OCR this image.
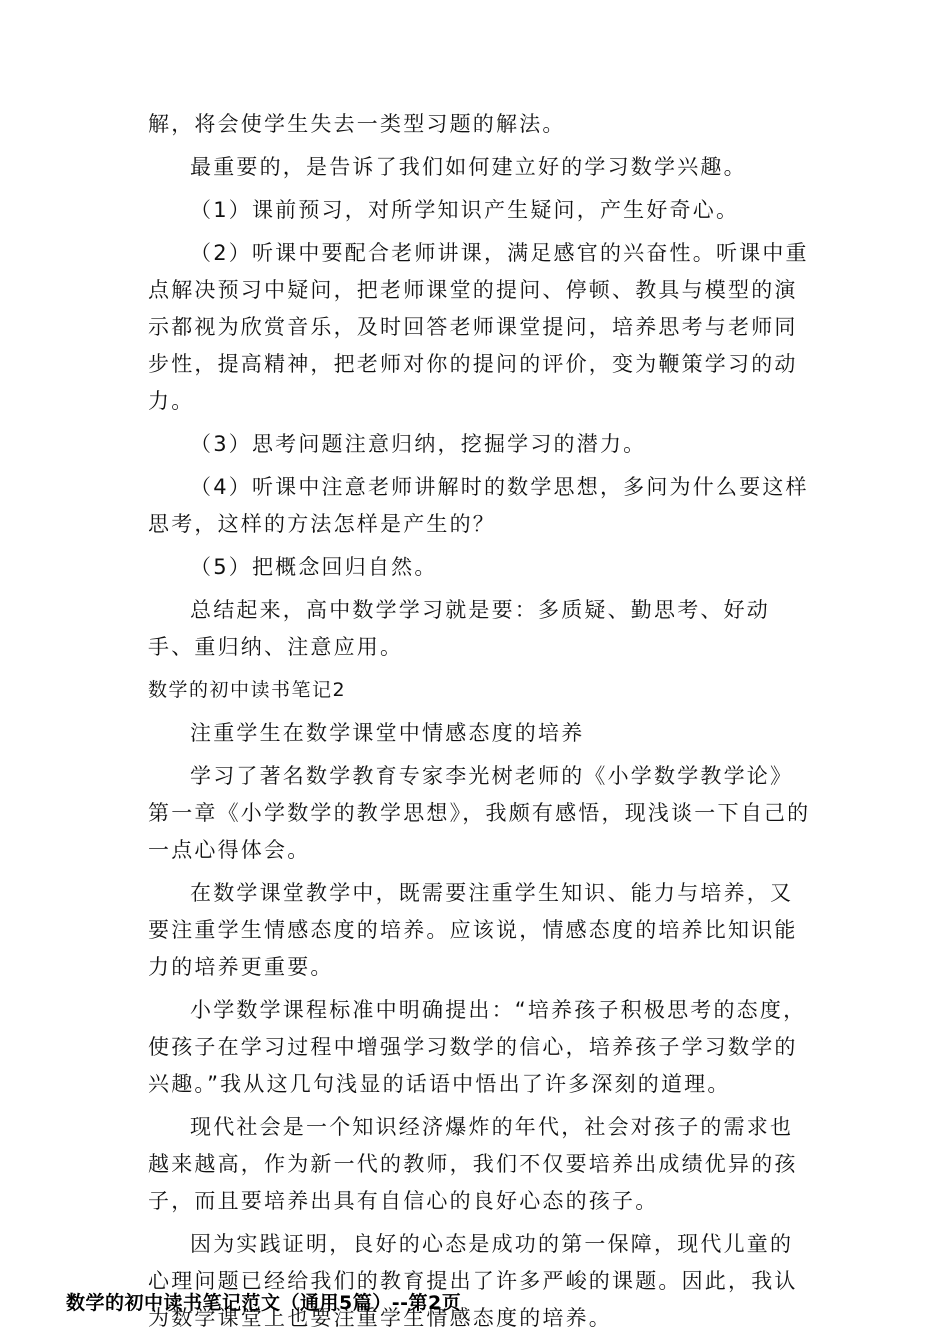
解，将会使学生失去一类型习题的解法。

最重要的，是告诉了我们如何建立好的学习数学兴趣。

（1）课前预习，对所学知识产生疑问，产生好奇心。

（2）听课中要配合老师讲课，满足感官的兴奋性。听课中重点解决预习中疑问，把老师课堂的提问、停顿、教具与模型的演示都视为欣赏音乐，及时回答老师课堂提问，培养思考与老师同步性，提高精神，把老师对你的提问的评价，变为鞭策学习的动力。

（3）思考问题注意归纳，挖掘学习的潜力。

（4）听课中注意老师讲解时的数学思想，多问为什么要这样思考，这样的方法怎样是产生的？

（5）把概念回归自然。

总结起来，高中数学学习就是要：多质疑、勤思考、好动手、重归纳、注意应用。

数学的初中读书笔记2

注重学生在数学课堂中情感态度的培养

学习了著名数学教育专家李光树老师的《小学数学教学论》第一章《小学数学的教学思想》，我颇有感悟，现浅谈一下自己的一点心得体会。

在数学课堂教学中，既需要注重学生知识、能力与培养，又要注重学生情感态度的培养。应该说，情感态度的培养比知识能力的培养更重要。

小学数学课程标准中明确提出：“培养孩子积极思考的态度，使孩子在学习过程中增强学习数学的信心，培养孩子学习数学的兴趣。”我从这几句浅显的话语中悟出了许多深刻的道理。

现代社会是一个知识经济爆炸的年代，社会对孩子的需求也越来越高，作为新一代的教师，我们不仅要培养出成绩优异的孩子，而且要培养出具有自信心的良好心态的孩子。

因为实践证明，良好的心态是成功的第一保障，现代儿童的心理问题已经给我们的教育提出了许多严峻的课题。因此，我认为数学课堂上也要注重学生情感态度的培养。

数学的初中读书笔记范文（通用5篇）--第2页
